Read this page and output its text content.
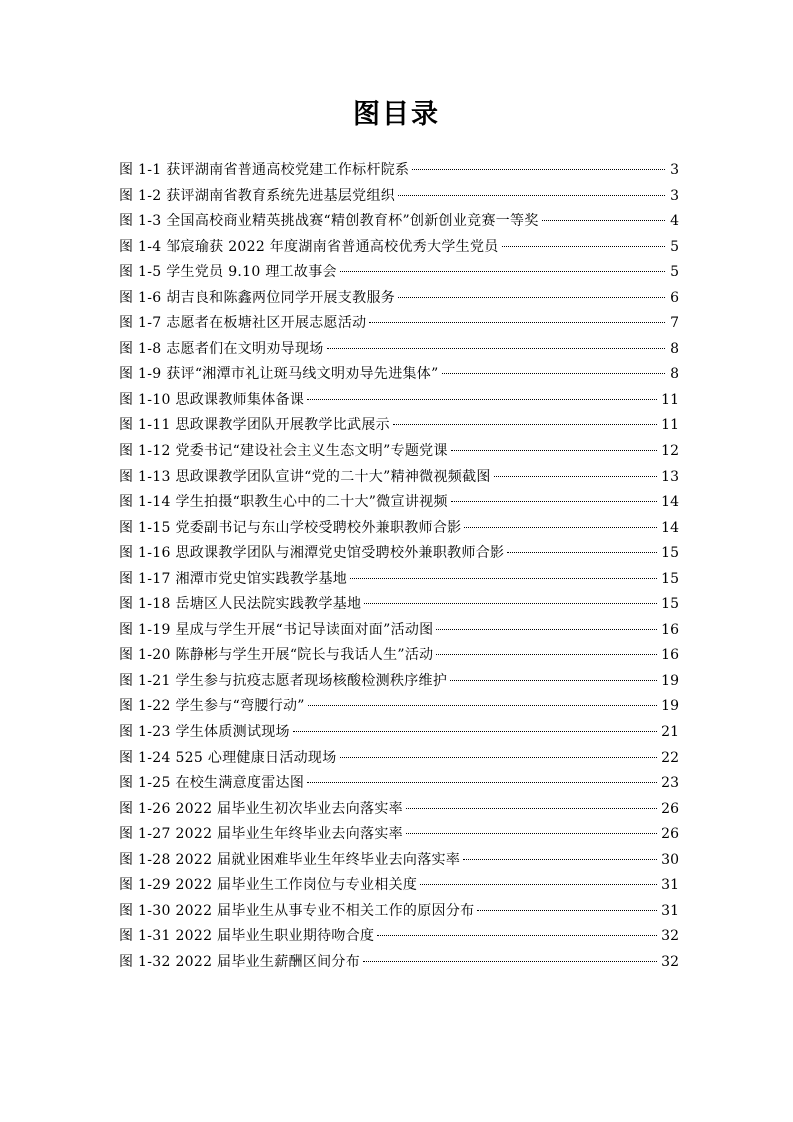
图目录
图 1-1 获评湖南省普通高校党建工作标杆院系	3
图 1-2 获评湖南省教育系统先进基层党组织	3
图 1-3 全国高校商业精英挑战赛“精创教育杯”创新创业竞赛一等奖	4
图 1-4 邹宸瑜获 2022 年度湖南省普通高校优秀大学生党员	5
图 1-5 学生党员 9.10 理工故事会	5
图 1-6 胡吉良和陈鑫两位同学开展支教服务	6
图 1-7 志愿者在板塘社区开展志愿活动	7
图 1-8 志愿者们在文明劝导现场	8
图 1-9 获评“湘潭市礼让斑马线文明劝导先进集体”	8
图 1-10 思政课教师集体备课	11
图 1-11 思政课教学团队开展教学比武展示	11
图 1-12 党委书记“建设社会主义生态文明”专题党课	12
图 1-13 思政课教学团队宣讲“党的二十大”精神微视频截图	13
图 1-14 学生拍摄“职教生心中的二十大”微宣讲视频	14
图 1-15 党委副书记与东山学校受聘校外兼职教师合影	14
图 1-16 思政课教学团队与湘潭党史馆受聘校外兼职教师合影	15
图 1-17 湘潭市党史馆实践教学基地	15
图 1-18 岳塘区人民法院实践教学基地	15
图 1-19 星成与学生开展“书记导读面对面”活动图	16
图 1-20 陈静彬与学生开展“院长与我话人生”活动	16
图 1-21 学生参与抗疫志愿者现场核酸检测秩序维护	19
图 1-22 学生参与“弯腰行动”	19
图 1-23 学生体质测试现场	21
图 1-24 525 心理健康日活动现场	22
图 1-25 在校生满意度雷达图	23
图 1-26 2022 届毕业生初次毕业去向落实率	26
图 1-27 2022 届毕业生年终毕业去向落实率	26
图 1-28 2022 届就业困难毕业生年终毕业去向落实率	30
图 1-29 2022 届毕业生工作岗位与专业相关度	31
图 1-30 2022 届毕业生从事专业不相关工作的原因分布	31
图 1-31 2022 届毕业生职业期待吻合度	32
图 1-32 2022 届毕业生薪酬区间分布	32
